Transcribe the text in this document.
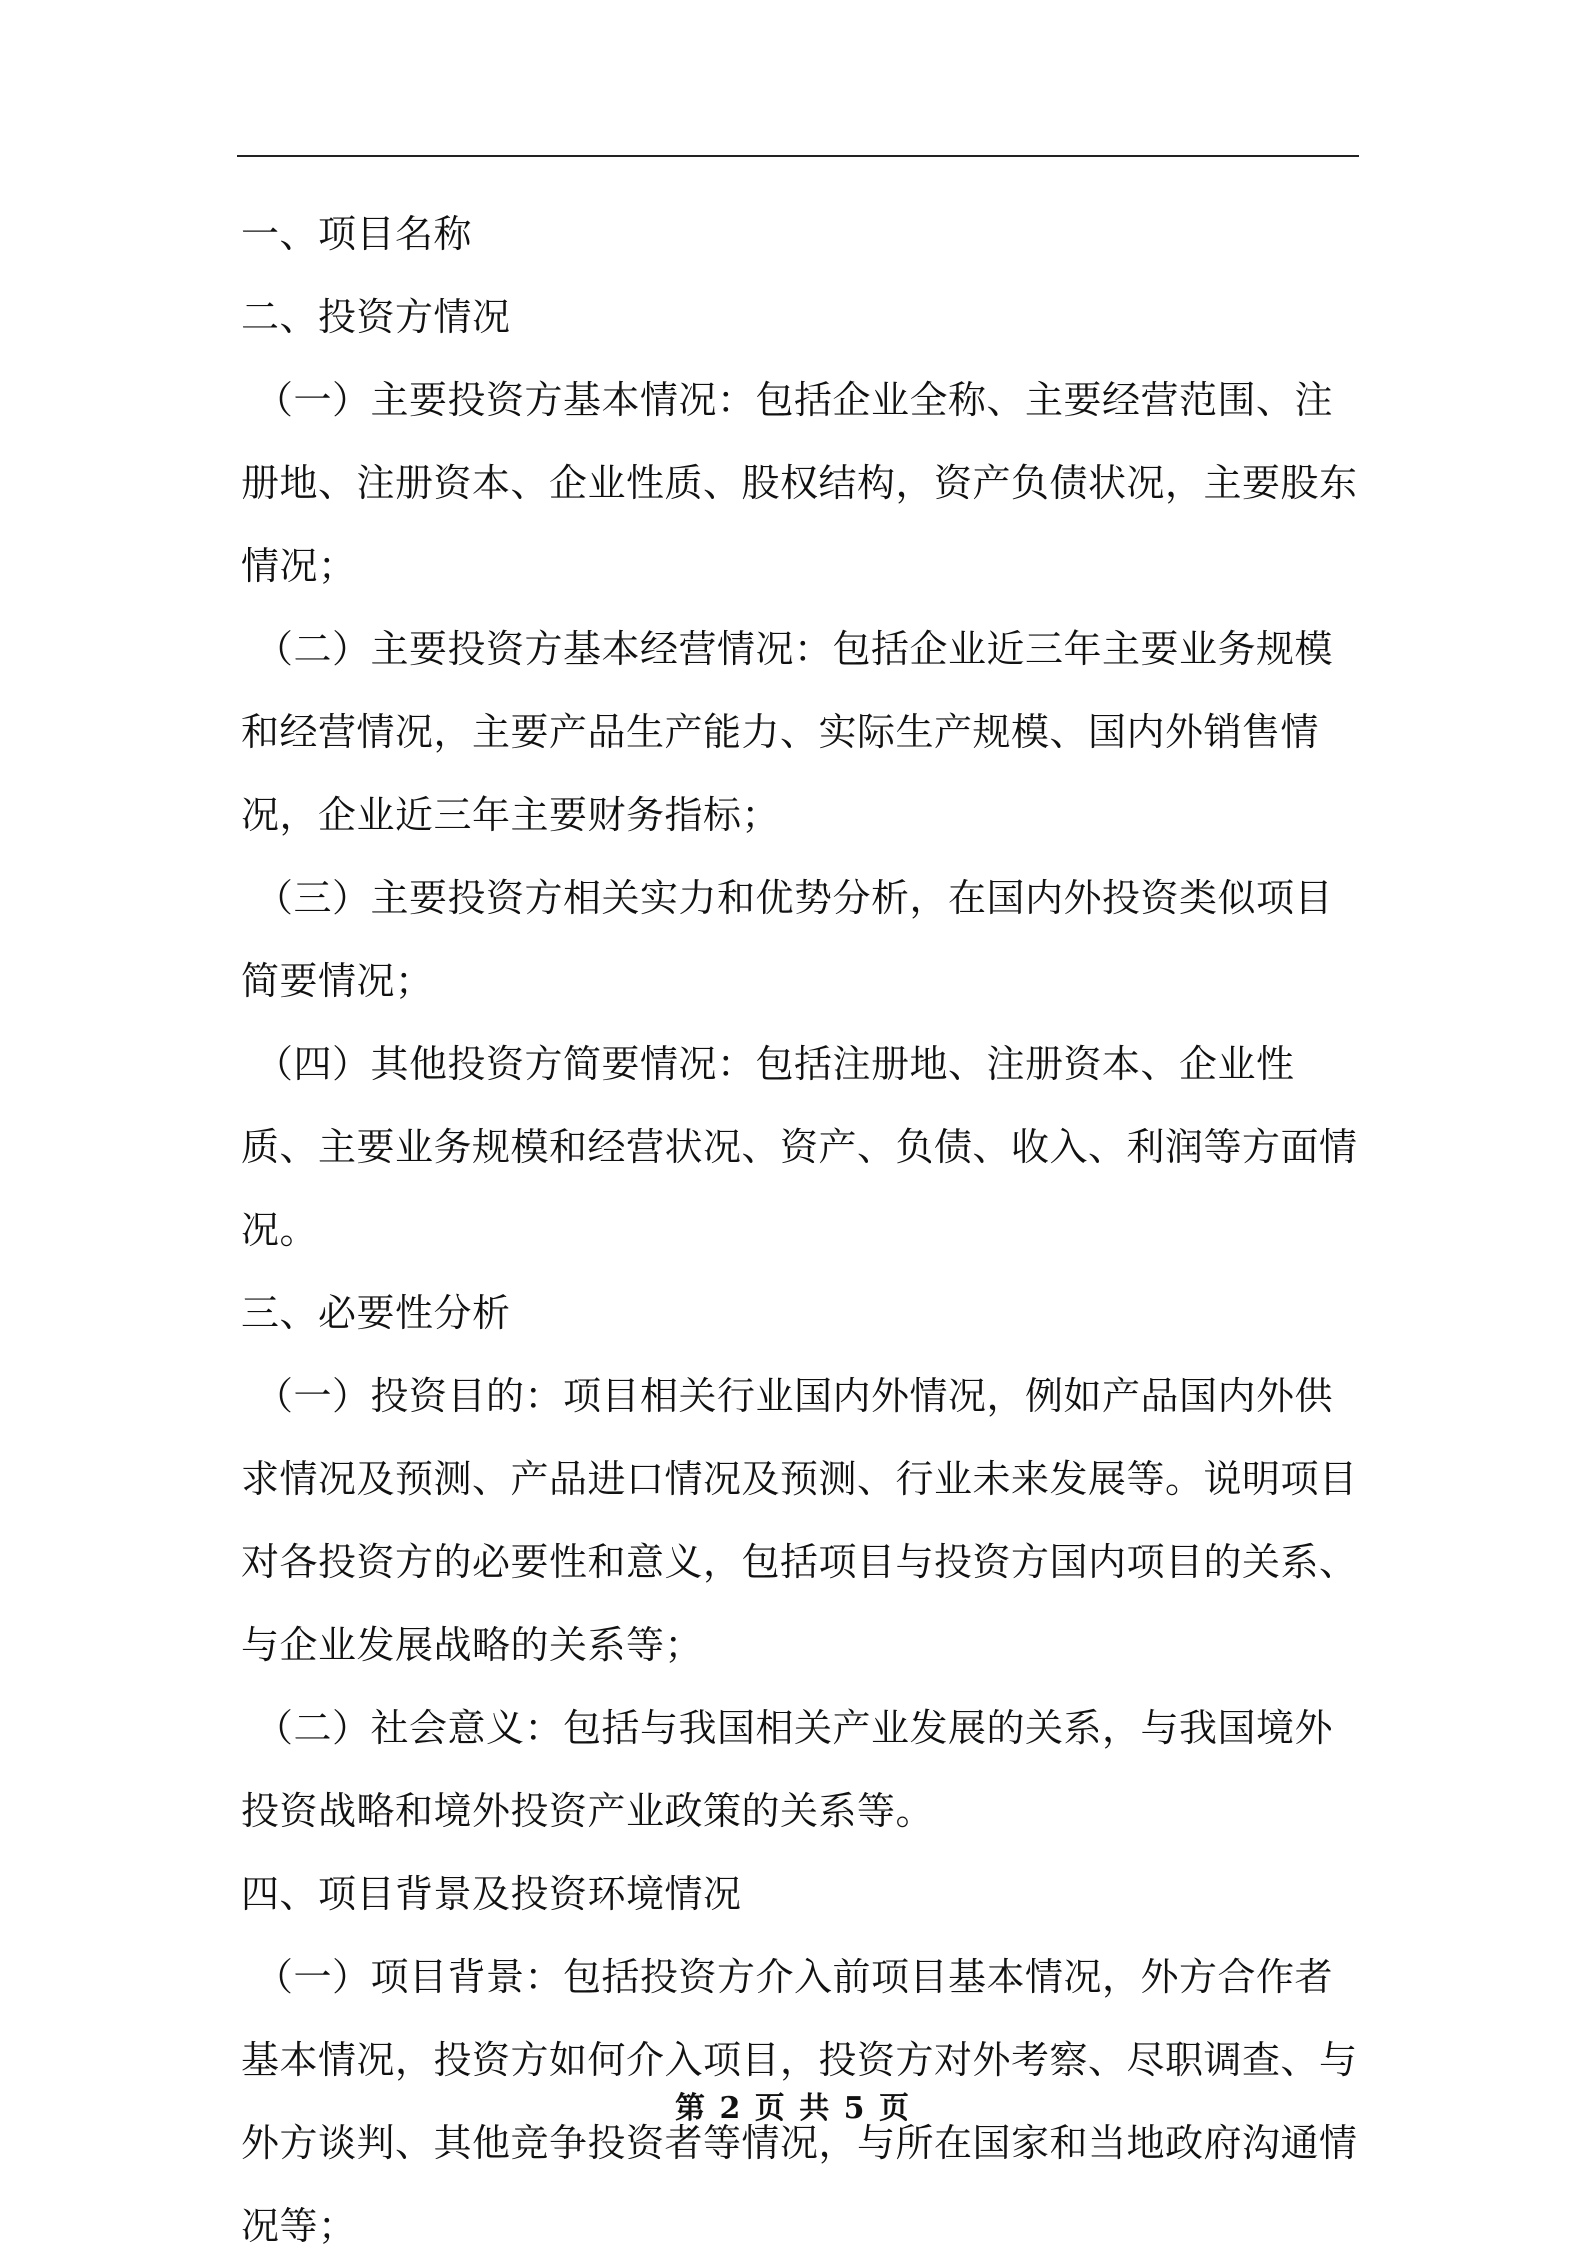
一、项目名称

二、投资方情况

（一）主要投资方基本情况：包括企业全称、主要经营范围、注册地、注册资本、企业性质、股权结构，资产负债状况，主要股东情况；

（二）主要投资方基本经营情况：包括企业近三年主要业务规模和经营情况，主要产品生产能力、实际生产规模、国内外销售情况，企业近三年主要财务指标；

（三）主要投资方相关实力和优势分析，在国内外投资类似项目简要情况；

（四）其他投资方简要情况：包括注册地、注册资本、企业性质、主要业务规模和经营状况、资产、负债、收入、利润等方面情况。

三、必要性分析

（一）投资目的：项目相关行业国内外情况，例如产品国内外供求情况及预测、产品进口情况及预测、行业未来发展等。说明项目对各投资方的必要性和意义，包括项目与投资方国内项目的关系、与企业发展战略的关系等；

（二）社会意义：包括与我国相关产业发展的关系，与我国境外投资战略和境外投资产业政策的关系等。

四、项目背景及投资环境情况

（一）项目背景：包括投资方介入前项目基本情况，外方合作者基本情况，投资方如何介入项目，投资方对外考察、尽职调查、与外方谈判、其他竞争投资者等情况，与所在国家和当地政府沟通情况等；

第 2 页 共 5 页
